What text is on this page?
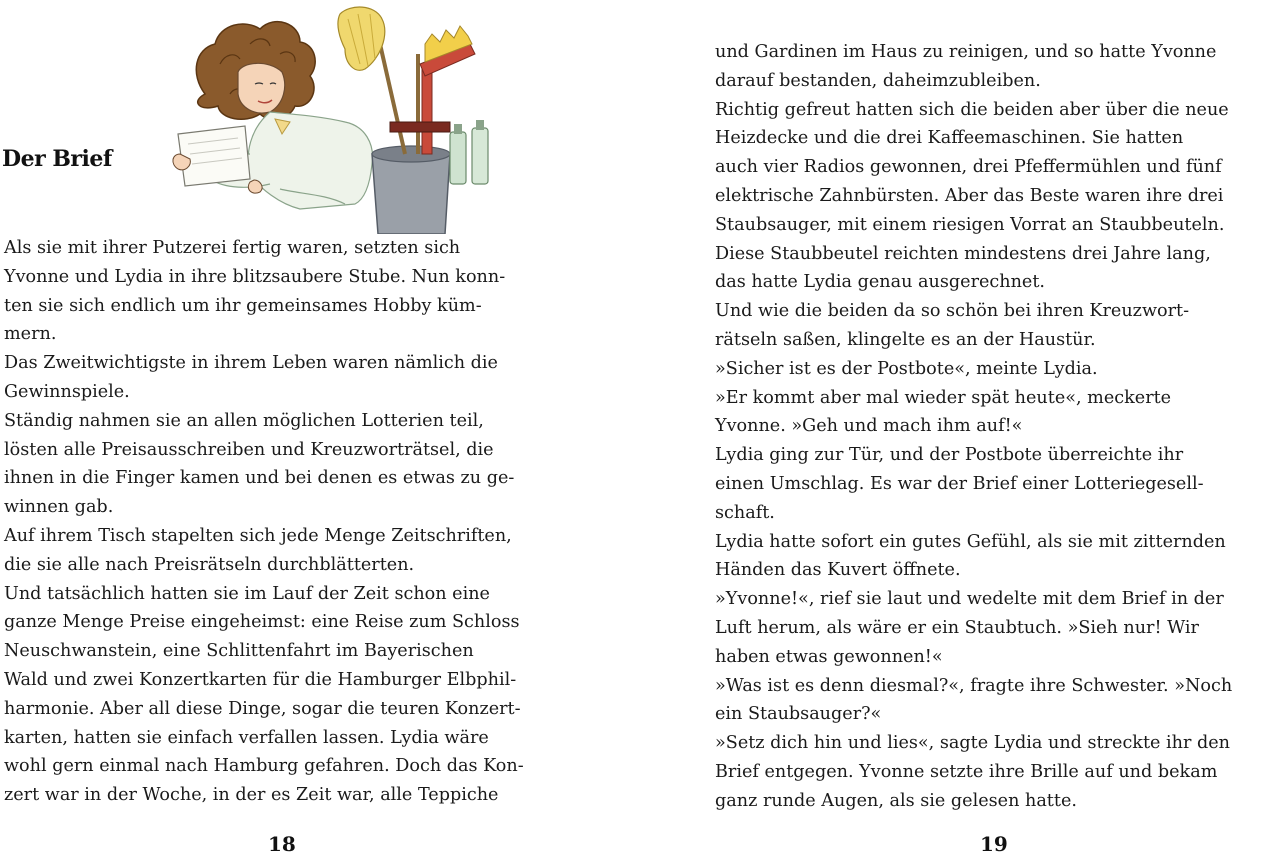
Der Brief
Als sie mit ihrer Putzerei fertig waren, setzten sich
Yvonne und Lydia in ihre blitzsaubere Stube. Nun konn-
ten sie sich endlich um ihr gemeinsames Hobby küm-
mern.
Das Zweitwichtigste in ihrem Leben waren nämlich die
Gewinnspiele.
Ständig nahmen sie an allen möglichen Lotterien teil,
lösten alle Preisausschreiben und Kreuzworträtsel, die
ihnen in die Finger kamen und bei denen es etwas zu ge-
winnen gab.
Auf ihrem Tisch stapelten sich jede Menge Zeitschriften,
die sie alle nach Preisrätseln durchblätterten.
Und tatsächlich hatten sie im Lauf der Zeit schon eine
ganze Menge Preise eingeheimst: eine Reise zum Schloss
Neuschwanstein, eine Schlittenfahrt im Bayerischen
Wald und zwei Konzertkarten für die Hamburger Elbphil-
harmonie. Aber all diese Dinge, sogar die teuren Konzert-
karten, hatten sie einfach verfallen lassen. Lydia wäre
wohl gern einmal nach Hamburg gefahren. Doch das Kon-
zert war in der Woche, in der es Zeit war, alle Teppiche
18
und Gardinen im Haus zu reinigen, und so hatte Yvonne
darauf bestanden, daheimzubleiben.
Richtig gefreut hatten sich die beiden aber über die neue
Heizdecke und die drei Kaffeemaschinen. Sie hatten
auch vier Radios gewonnen, drei Pfeffermühlen und fünf
elektrische Zahnbürsten. Aber das Beste waren ihre drei
Staubsauger, mit einem riesigen Vorrat an Staubbeuteln.
Diese Staubbeutel reichten mindestens drei Jahre lang,
das hatte Lydia genau ausgerechnet.
Und wie die beiden da so schön bei ihren Kreuzwort-
rätseln saßen, klingelte es an der Haustür.
»Sicher ist es der Postbote«, meinte Lydia.
»Er kommt aber mal wieder spät heute«, meckerte
Yvonne. »Geh und mach ihm auf!«
Lydia ging zur Tür, und der Postbote überreichte ihr
einen Umschlag. Es war der Brief einer Lotteriegesell-
schaft.
Lydia hatte sofort ein gutes Gefühl, als sie mit zitternden
Händen das Kuvert öffnete.
»Yvonne!«, rief sie laut und wedelte mit dem Brief in der
Luft herum, als wäre er ein Staubtuch. »Sieh nur! Wir
haben etwas gewonnen!«
»Was ist es denn diesmal?«, fragte ihre Schwester. »Noch
ein Staubsauger?«
»Setz dich hin und lies«, sagte Lydia und streckte ihr den
Brief entgegen. Yvonne setzte ihre Brille auf und bekam
ganz runde Augen, als sie gelesen hatte.
19
